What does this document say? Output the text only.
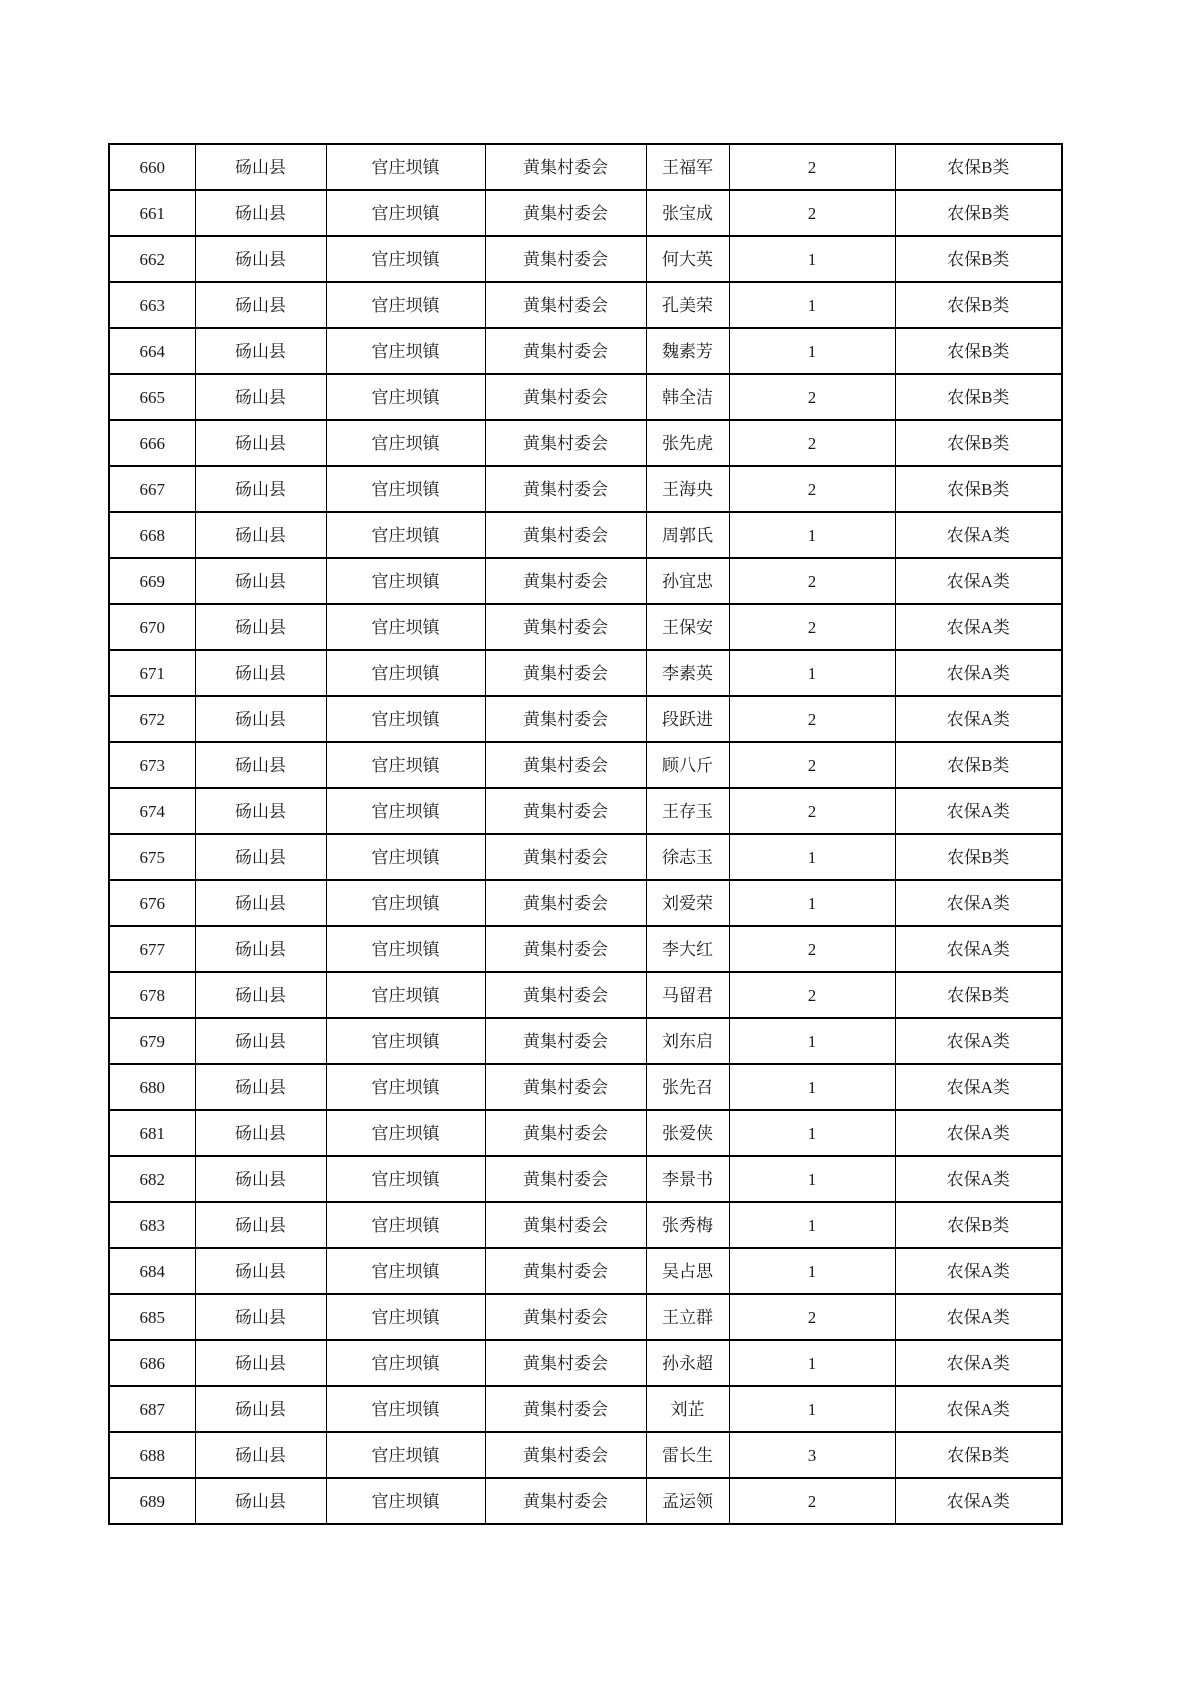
660	砀山县	官庄坝镇	黄集村委会	王福军	2	农保B类
661	砀山县	官庄坝镇	黄集村委会	张宝成	2	农保B类
662	砀山县	官庄坝镇	黄集村委会	何大英	1	农保B类
663	砀山县	官庄坝镇	黄集村委会	孔美荣	1	农保B类
664	砀山县	官庄坝镇	黄集村委会	魏素芳	1	农保B类
665	砀山县	官庄坝镇	黄集村委会	韩全洁	2	农保B类
666	砀山县	官庄坝镇	黄集村委会	张先虎	2	农保B类
667	砀山县	官庄坝镇	黄集村委会	王海央	2	农保B类
668	砀山县	官庄坝镇	黄集村委会	周郭氏	1	农保A类
669	砀山县	官庄坝镇	黄集村委会	孙宜忠	2	农保A类
670	砀山县	官庄坝镇	黄集村委会	王保安	2	农保A类
671	砀山县	官庄坝镇	黄集村委会	李素英	1	农保A类
672	砀山县	官庄坝镇	黄集村委会	段跃进	2	农保A类
673	砀山县	官庄坝镇	黄集村委会	顾八斤	2	农保B类
674	砀山县	官庄坝镇	黄集村委会	王存玉	2	农保A类
675	砀山县	官庄坝镇	黄集村委会	徐志玉	1	农保B类
676	砀山县	官庄坝镇	黄集村委会	刘爱荣	1	农保A类
677	砀山县	官庄坝镇	黄集村委会	李大红	2	农保A类
678	砀山县	官庄坝镇	黄集村委会	马留君	2	农保B类
679	砀山县	官庄坝镇	黄集村委会	刘东启	1	农保A类
680	砀山县	官庄坝镇	黄集村委会	张先召	1	农保A类
681	砀山县	官庄坝镇	黄集村委会	张爱侠	1	农保A类
682	砀山县	官庄坝镇	黄集村委会	李景书	1	农保A类
683	砀山县	官庄坝镇	黄集村委会	张秀梅	1	农保B类
684	砀山县	官庄坝镇	黄集村委会	吴占思	1	农保A类
685	砀山县	官庄坝镇	黄集村委会	王立群	2	农保A类
686	砀山县	官庄坝镇	黄集村委会	孙永超	1	农保A类
687	砀山县	官庄坝镇	黄集村委会	刘芷	1	农保A类
688	砀山县	官庄坝镇	黄集村委会	雷长生	3	农保B类
689	砀山县	官庄坝镇	黄集村委会	孟运领	2	农保A类
